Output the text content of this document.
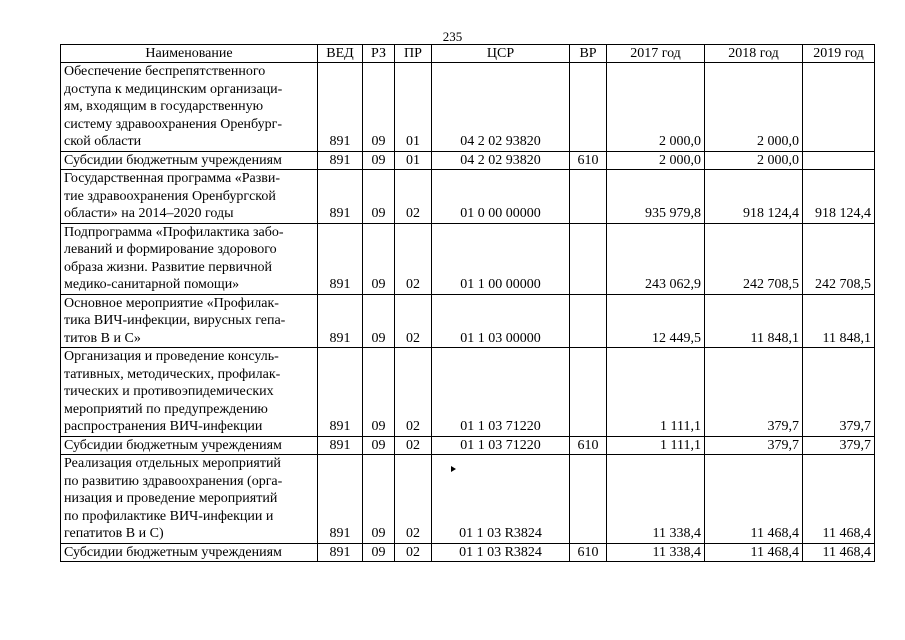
235
Наименование	ВЕД	РЗ	ПР	ЦСР	ВР	2017 год	2018 год	2019 год
Обеспечение беспрепятственного
доступа к медицинским организаци-
ям, входящим в государственную
систему здравоохранения Оренбург-
ской области	891	09	01	04 2 02 93820		2 000,0	2 000,0	
Субсидии бюджетным учреждениям	891	09	01	04 2 02 93820	610	2 000,0	2 000,0	
Государственная программа «Разви-
тие здравоохранения Оренбургской
области» на 2014–2020 годы	891	09	02	01 0 00 00000		935 979,8	918 124,4	918 124,4
Подпрограмма «Профилактика забо-
леваний и формирование здорового
образа жизни. Развитие первичной
медико-санитарной помощи»	891	09	02	01 1 00 00000		243 062,9	242 708,5	242 708,5
Основное мероприятие «Профилак-
тика ВИЧ-инфекции, вирусных гепа-
титов В и С»	891	09	02	01 1 03 00000		12 449,5	11 848,1	11 848,1
Организация и проведение консуль-
тативных, методических, профилак-
тических и противоэпидемических
мероприятий по предупреждению
распространения ВИЧ-инфекции	891	09	02	01 1 03 71220		1 111,1	379,7	379,7
Субсидии бюджетным учреждениям	891	09	02	01 1 03 71220	610	1 111,1	379,7	379,7
Реализация отдельных мероприятий
по развитию здравоохранения (орга-
низация и проведение мероприятий
по профилактике ВИЧ-инфекции и
гепатитов В и С)	891	09	02	01 1 03 R3824		11 338,4	11 468,4	11 468,4
Субсидии бюджетным учреждениям	891	09	02	01 1 03 R3824	610	11 338,4	11 468,4	11 468,4
